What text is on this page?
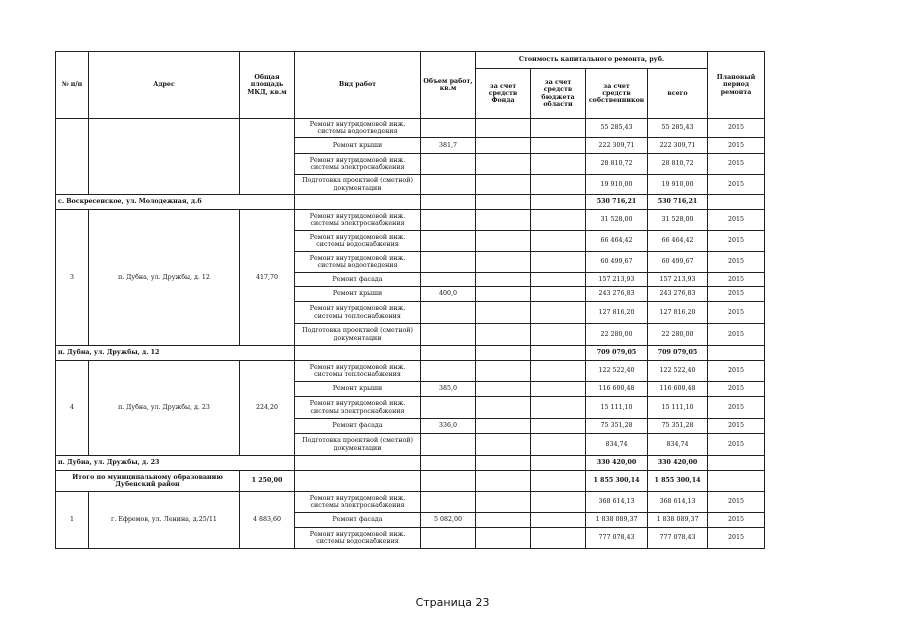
№ п/п	Адрес	Общая площадь МКД, кв.м	Вид работ	Объем работ, кв.м	Стоимость капитального ремонта, руб.				Плановый период ремонта
					за счет средств Фонда	за счет средств бюджета области	за счет средств собственников	всего	
			Ремонт внутридомовой инж. системы водоотведения				55 285,43	55 285,43	2015
			Ремонт крыши	381,7			222 309,71	222 309,71	2015
			Ремонт внутридомовой инж. системы электроснабжения				28 810,72	28 810,72	2015
			Подготовка проектной (сметной) документации				19 910,00	19 910,00	2015
с. Воскресенское, ул. Молодежная, д.6							530 716,21	530 716,21	
3	п. Дубна, ул. Дружбы, д. 12	417,70	Ремонт внутридомовой инж. системы электроснабжения				31 528,00	31 528,00	2015
			Ремонт внутридомовой инж. системы водоснабжения				66 464,42	66 464,42	2015
			Ремонт внутридомовой инж. системы водоотведения				60 499,67	60 499,67	2015
			Ремонт фасада				157 213,93	157 213,93	2015
			Ремонт крыши	400,0			243 276,83	243 276,83	2015
			Ремонт внутридомовой инж. системы теплоснабжения				127 816,20	127 816,20	2015
			Подготовка проектной (сметной) документации				22 280,00	22 280,00	2015
п. Дубна, ул. Дружбы, д. 12							709 079,05	709 079,05	
4	п. Дубна, ул. Дружбы, д. 23	224,20	Ремонт внутридомовой инж. системы теплоснабжения				122 522,40	122 522,40	2015
			Ремонт крыши	385,0			116 600,48	116 600,48	2015
			Ремонт внутридомовой инж. системы электроснабжения				15 111,10	15 111,10	2015
			Ремонт фасада	336,0			75 351,28	75 351,28	2015
			Подготовка проектной (сметной) документации				834,74	834,74	2015
п. Дубна, ул. Дружбы, д. 23							330 420,00	330 420,00	
Итого по муниципальному образованию Дубенский район		1 250,00					1 855 300,14	1 855 300,14	
1	г. Ефремов, ул. Ленина, д.25/11	4 883,60	Ремонт внутридомовой инж. системы электроснабжения				368 614,13	368 614,13	2015
			Ремонт фасада	5 082,00			1 838 089,37	1 838 089,37	2015
			Ремонт внутридомовой инж. системы водоснабжения				777 078,43	777 078,43	2015
Страница 23
